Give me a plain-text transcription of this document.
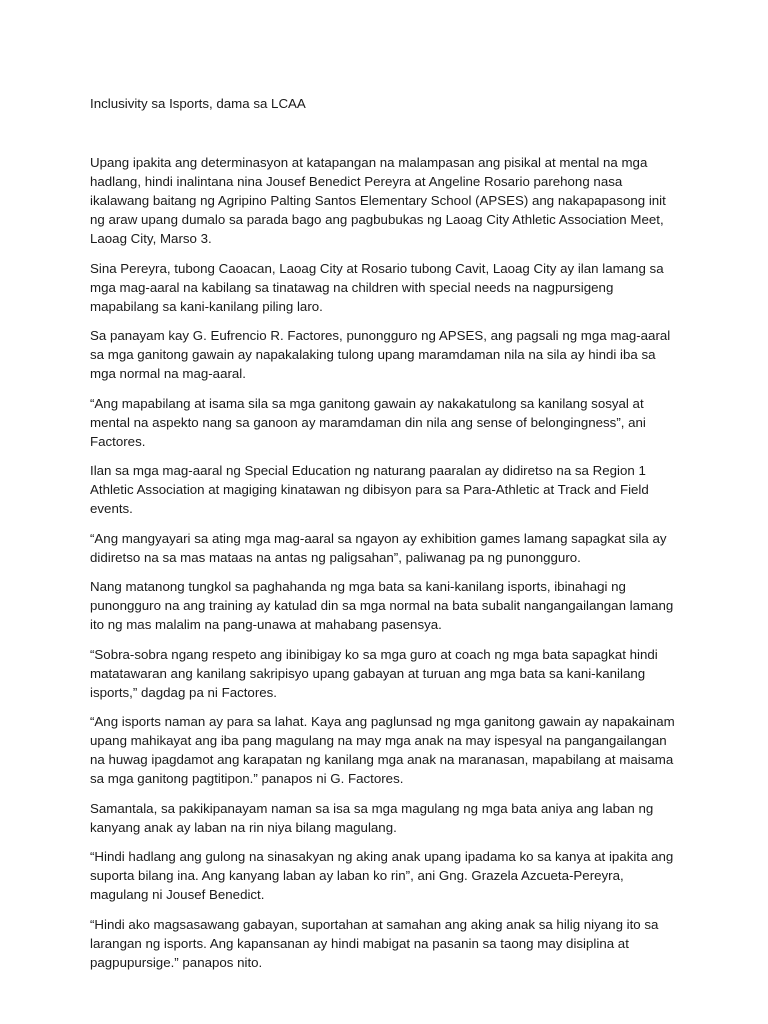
Inclusivity sa Isports, dama sa LCAA

Upang ipakita ang determinasyon at katapangan na malampasan ang pisikal at mental na mga hadlang, hindi inalintana nina Jousef Benedict Pereyra at Angeline Rosario parehong nasa ikalawang baitang ng Agripino Palting Santos Elementary School (APSES) ang nakapapasong init ng araw upang dumalo sa parada bago ang pagbubukas ng Laoag City Athletic Association Meet, Laoag City, Marso 3.

Sina Pereyra, tubong Caoacan, Laoag City at Rosario tubong Cavit, Laoag City ay ilan lamang sa mga mag-aaral na kabilang sa tinatawag na children with special needs na nagpursigeng mapabilang sa kani-kanilang piling laro.

Sa panayam kay G. Eufrencio R. Factores, punongguro ng APSES, ang pagsali ng mga mag-aaral sa mga ganitong gawain ay napakalaking tulong upang maramdaman nila na sila ay hindi iba sa mga normal na mag-aaral.

“Ang mapabilang at isama sila sa mga ganitong gawain ay nakakatulong sa kanilang sosyal at mental na aspekto nang sa ganoon ay maramdaman din nila ang sense of belongingness”, ani Factores.

Ilan sa mga mag-aaral ng Special Education ng naturang paaralan ay didiretso na sa Region 1 Athletic Association at magiging kinatawan ng dibisyon para sa Para-Athletic at Track and Field events.

“Ang mangyayari sa ating mga mag-aaral sa ngayon ay exhibition games lamang sapagkat sila ay didiretso na sa mas mataas na antas ng paligsahan”, paliwanag pa ng punongguro.

Nang matanong tungkol sa paghahanda ng mga bata sa kani-kanilang isports, ibinahagi ng punongguro na ang training ay katulad din sa mga normal na bata subalit nangangailangan lamang ito ng mas malalim na pang-unawa at mahabang pasensya.

“Sobra-sobra ngang respeto ang ibinibigay ko sa mga guro at coach ng mga bata sapagkat hindi matatawaran ang kanilang sakripisyo upang gabayan at turuan ang mga bata sa kani-kanilang isports,” dagdag pa ni Factores.

“Ang isports naman ay para sa lahat. Kaya ang paglunsad ng mga ganitong gawain ay napakainam upang mahikayat ang iba pang magulang na may mga anak na may ispesyal na pangangailangan na huwag ipagdamot ang karapatan ng kanilang mga anak na maranasan, mapabilang at maisama sa mga ganitong pagtitipon.” panapos ni G. Factores.

Samantala, sa pakikipanayam naman sa isa sa mga magulang ng mga bata aniya ang laban ng kanyang anak ay laban na rin niya bilang magulang.

“Hindi hadlang ang gulong na sinasakyan ng aking anak upang ipadama ko sa kanya at ipakita ang suporta bilang ina. Ang kanyang laban ay laban ko rin”, ani Gng. Grazela Azcueta-Pereyra, magulang ni Jousef Benedict.

“Hindi ako magsasawang gabayan, suportahan at samahan ang aking anak sa hilig niyang ito sa larangan ng isports. Ang kapansanan ay hindi mabigat na pasanin sa taong may disiplina at pagpupursige.” panapos nito.
